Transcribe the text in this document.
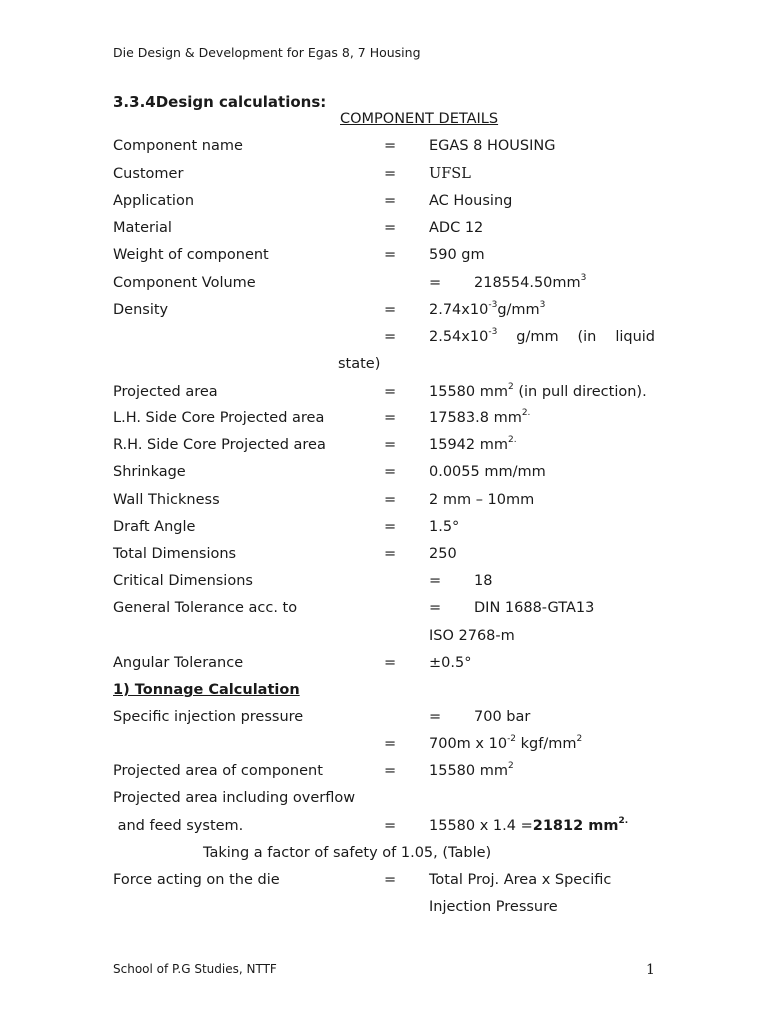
Die Design & Development for Egas 8, 7 Housing
3.3.4Design calculations:
COMPONENT DETAILS
Component name	= EGAS 8 HOUSING
Customer	= UFSL
Application	= AC Housing
Material	= ADC 12
Weight of component	= 590 gm
Component Volume	= $218554.50mm^3$
Density	= $2.74x10^{-3}g/mm^3$
= $2.54x10^{-3}$ g/mm (in liquid
state)
Projected area	= 15580 $mm^2$ (in pull direction).
L.H. Side Core Projected area	= 17583.8 $mm^{2.}$
R.H. Side Core Projected area	= 15942 $mm^{2.}$
Shrinkage	= 0.0055 mm/mm
Wall Thickness	= 2 mm – 10mm
Draft Angle	= 1.5°
Total Dimensions	= 250
Critical Dimensions	= 18
General Tolerance acc. to	= DIN 1688-GTA13
ISO 2768-m
Angular Tolerance	= ±0.5°
1) Tonnage Calculation
Specific injection pressure	= 700 bar
= 700m x $10^{-2}$ kgf/$mm^2$
Projected area of component	= 15580 $mm^2$
Projected area including overflow
and feed system.	= 15580 x 1.4 =21812 $mm^{2.}$
Taking a factor of safety of 1.05, (Table)
Force acting on the die	= Total Proj. Area x Specific
Injection Pressure
School of P.G Studies, NTTF	1
